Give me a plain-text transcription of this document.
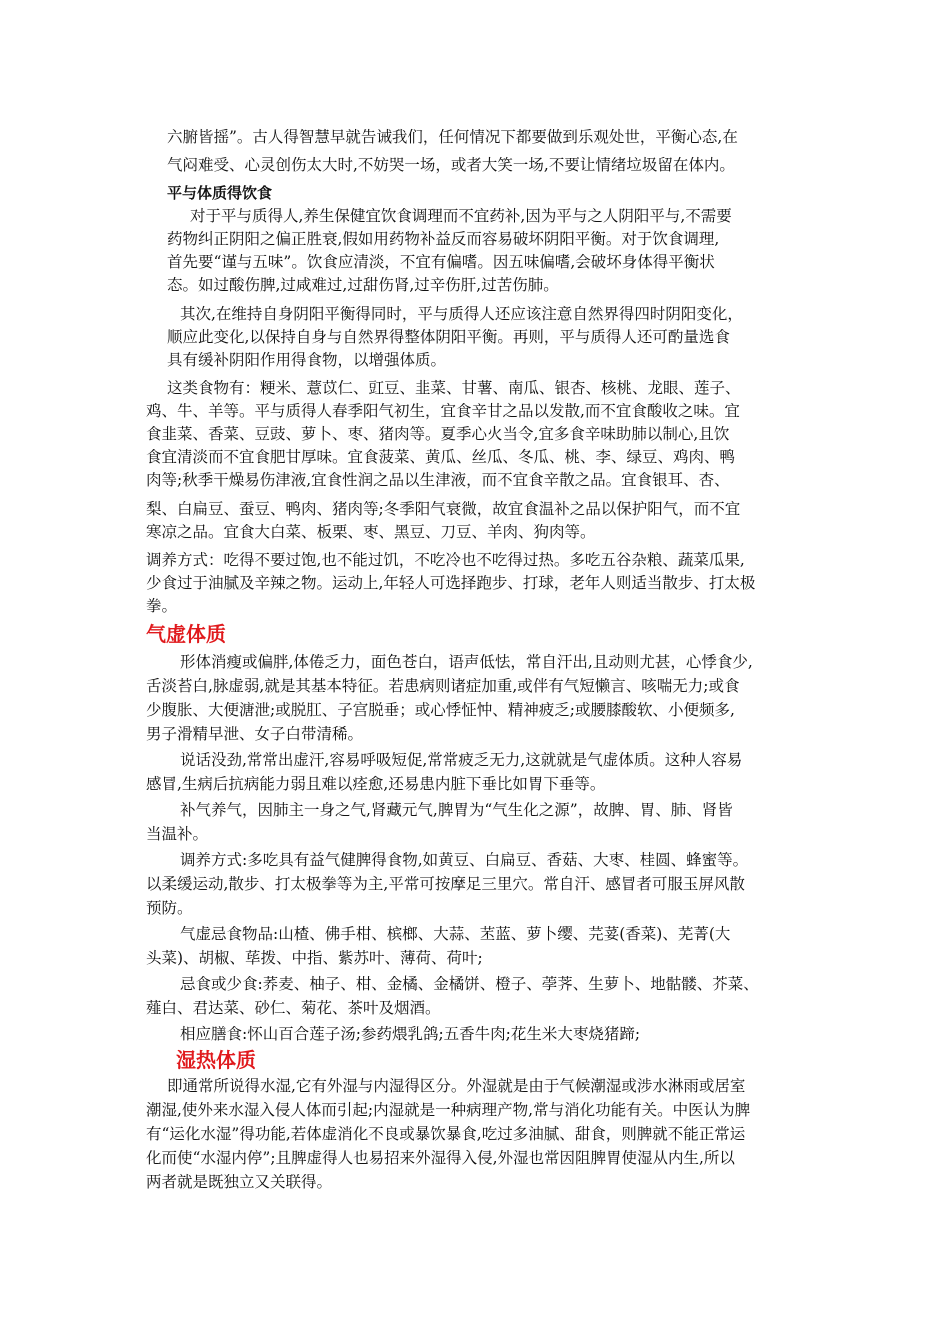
六腑皆摇”。古人得智慧早就告诫我们，任何情况下都要做到乐观处世，平衡心态,在
气闷难受、心灵创伤太大时,不妨哭一场，或者大笑一场,不要让情绪垃圾留在体内。
平与体质得饮食
对于平与质得人,养生保健宜饮食调理而不宜药补,因为平与之人阴阳平与,不需要
药物纠正阴阳之偏正胜衰,假如用药物补益反而容易破坏阴阳平衡。对于饮食调理,
首先要“谨与五味”。饮食应清淡，不宜有偏嗜。因五味偏嗜,会破坏身体得平衡状
态。如过酸伤脾,过咸难过,过甜伤肾,过辛伤肝,过苦伤肺。
其次,在维持自身阴阳平衡得同时，平与质得人还应该注意自然界得四时阴阳变化，
顺应此变化,以保持自身与自然界得整体阴阳平衡。再则，平与质得人还可酌量选食
具有缓补阴阳作用得食物，以增强体质。
这类食物有：粳米、薏苡仁、豇豆、韭菜、甘薯、南瓜、银杏、核桃、龙眼、莲子、
鸡、牛、羊等。平与质得人春季阳气初生，宜食辛甘之品以发散,而不宜食酸收之味。宜
食韭菜、香菜、豆豉、萝卜、枣、猪肉等。夏季心火当令,宜多食辛味助肺以制心,且饮
食宜清淡而不宜食肥甘厚味。宜食菠菜、黄瓜、丝瓜、冬瓜、桃、李、绿豆、鸡肉、鸭
肉等;秋季干燥易伤津液,宜食性润之品以生津液，而不宜食辛散之品。宜食银耳、杏、
梨、白扁豆、蚕豆、鸭肉、猪肉等;冬季阳气衰微，故宜食温补之品以保护阳气，而不宜
寒凉之品。宜食大白菜、板栗、枣、黑豆、刀豆、羊肉、狗肉等。
调养方式：吃得不要过饱,也不能过饥，不吃冷也不吃得过热。多吃五谷杂粮、蔬菜瓜果,
少食过于油腻及辛辣之物。运动上,年轻人可选择跑步、打球，老年人则适当散步、打太极
拳。
气虚体质
形体消瘦或偏胖,体倦乏力，面色苍白，语声低怯，常自汗出,且动则尤甚，心悸食少,
舌淡苔白,脉虚弱,就是其基本特征。若患病则诸症加重,或伴有气短懒言、咳喘无力;或食
少腹胀、大便溏泄;或脱肛、子宫脱垂；或心悸怔忡、精神疲乏;或腰膝酸软、小便频多,
男子滑精早泄、女子白带清稀。
说话没劲,常常出虚汗,容易呼吸短促,常常疲乏无力,这就就是气虚体质。这种人容易
感冒,生病后抗病能力弱且难以痊愈,还易患内脏下垂比如胃下垂等。
补气养气，因肺主一身之气,肾藏元气,脾胃为“气生化之源”，故脾、胃、肺、肾皆
当温补。
调养方式:多吃具有益气健脾得食物,如黄豆、白扁豆、香菇、大枣、桂圆、蜂蜜等。
以柔缓运动,散步、打太极拳等为主,平常可按摩足三里穴。常自汗、感冒者可服玉屏风散
预防。
气虚忌食物品:山楂、佛手柑、槟榔、大蒜、苤蓝、萝卜缨、芫荽(香菜)、芜菁(大
头菜)、胡椒、荜拨、中指、紫苏叶、薄荷、荷叶;
忌食或少食:荞麦、柚子、柑、金橘、金橘饼、橙子、荸荠、生萝卜、地骷髅、芥菜、
薤白、君达菜、砂仁、菊花、茶叶及烟酒。
相应膳食:怀山百合莲子汤;参药煨乳鸽;五香牛肉;花生米大枣烧猪蹄;
湿热体质
即通常所说得水湿,它有外湿与内湿得区分。外湿就是由于气候潮湿或涉水淋雨或居室
潮湿,使外来水湿入侵人体而引起;内湿就是一种病理产物,常与消化功能有关。中医认为脾
有“运化水湿”得功能,若体虚消化不良或暴饮暴食,吃过多油腻、甜食，则脾就不能正常运
化而使“水湿内停”;且脾虚得人也易招来外湿得入侵,外湿也常因阻脾胃使湿从内生,所以
两者就是既独立又关联得。
